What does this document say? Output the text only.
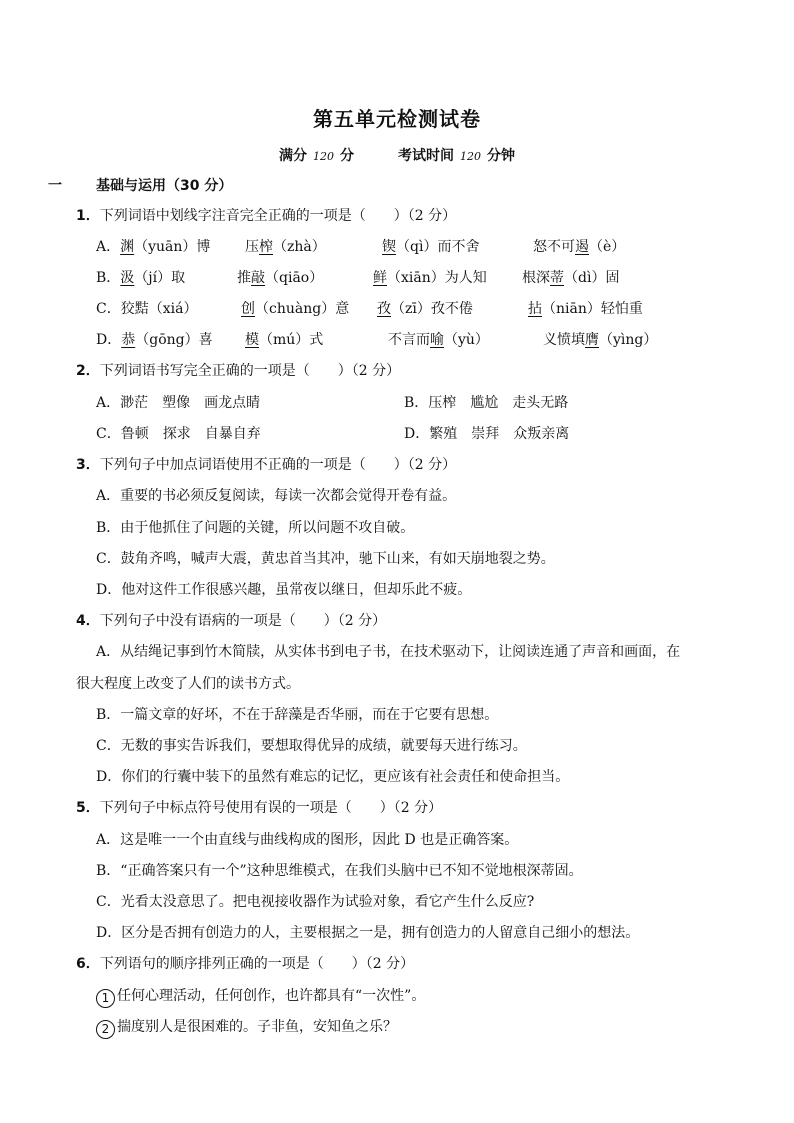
第五单元检测试卷
满分 120 分	考试时间 120 分钟
一 基础与运用（30 分）
1．下列词语中划线字注音完全正确的一项是（　　）（2 分）
A．渊（yuān）博 压榨（zhà）	锲（qì）而不舍	怒不可遏（è）
B．汲（jí）取	推敲（qiāo）	鲜（xiān）为人知	根深蒂（dì）固
C．狡黠（xiá）	创（chuàng）意 孜（zī）孜不倦	拈（niān）轻怕重
D．恭（gōng）喜 模（mú）式	不言而喻（yù）	义愤填膺（yìng）
2．下列词语书写完全正确的一项是（　　）（2 分）
A．渺茫　塑像　画龙点睛	B．压榨　尴尬　走头无路
C．鲁顿　探求　自暴自弃	D．繁殖　崇拜　众叛亲离
3．下列句子中加点词语使用不正确的一项是（　　）（2 分）
A．重要的书必须反复阅读，每读一次都会觉得开卷有益。
B．由于他抓住了问题的关键，所以问题不攻自破。
C．鼓角齐鸣，喊声大震，黄忠首当其冲，驰下山来，有如天崩地裂之势。
D．他对这件工作很感兴趣，虽常夜以继日，但却乐此不疲。
4．下列句子中没有语病的一项是（　　）（2 分）
A．从结绳记事到竹木简牍，从实体书到电子书，在技术驱动下，让阅读连通了声音和画面，在
很大程度上改变了人们的读书方式。
B．一篇文章的好坏，不在于辞藻是否华丽，而在于它要有思想。
C．无数的事实告诉我们，要想取得优异的成绩，就要每天进行练习。
D．你们的行囊中装下的虽然有难忘的记忆，更应该有社会责任和使命担当。
5．下列句子中标点符号使用有误的一项是（　　）（2 分）
A．这是唯一一个由直线与曲线构成的图形，因此 D 也是正确答案。
B．“正确答案只有一个”这种思维模式，在我们头脑中已不知不觉地根深蒂固。
C．光看太没意思了。把电视接收器作为试验对象，看它产生什么反应?
D．区分是否拥有创造力的人，主要根据之一是，拥有创造力的人留意自己细小的想法。
6．下列语句的顺序排列正确的一项是（　　）（2 分）
1 任何心理活动，任何创作，也许都具有“一次性”。
2 揣度别人是很困难的。子非鱼，安知鱼之乐？
